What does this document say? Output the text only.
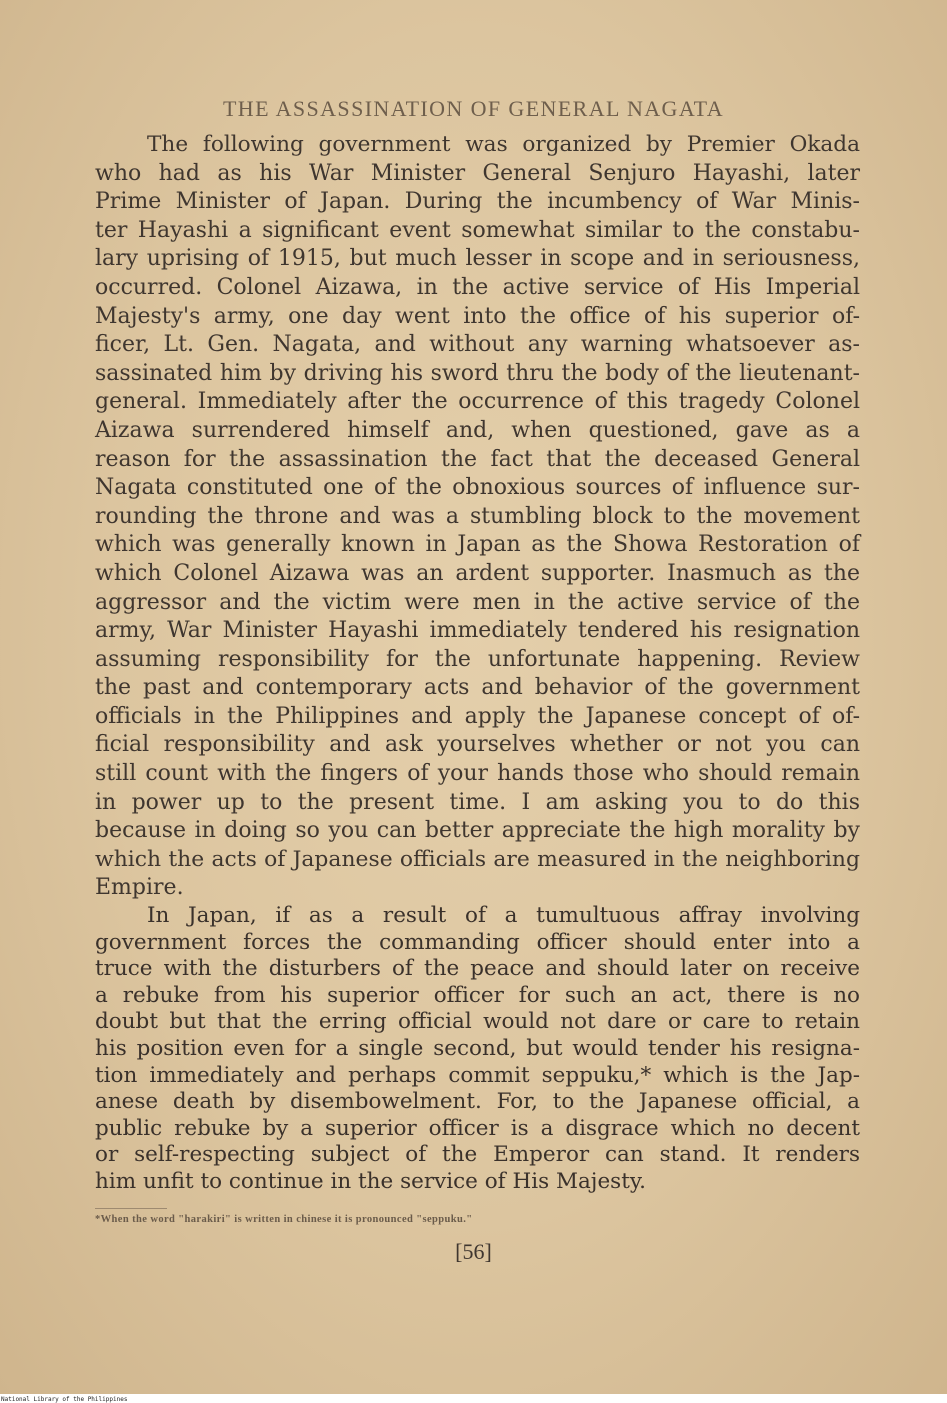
THE ASSASSINATION OF GENERAL NAGATA
The following government was organized by Premier Okada
who had as his War Minister General Senjuro Hayashi, later
Prime Minister of Japan. During the incumbency of War Minis-
ter Hayashi a significant event somewhat similar to the constabu-
lary uprising of 1915, but much lesser in scope and in seriousness,
occurred. Colonel Aizawa, in the active service of His Imperial
Majesty's army, one day went into the office of his superior of-
ficer, Lt. Gen. Nagata, and without any warning whatsoever as-
sassinated him by driving his sword thru the body of the lieutenant-
general. Immediately after the occurrence of this tragedy Colonel
Aizawa surrendered himself and, when questioned, gave as a
reason for the assassination the fact that the deceased General
Nagata constituted one of the obnoxious sources of influence sur-
rounding the throne and was a stumbling block to the movement
which was generally known in Japan as the Showa Restoration of
which Colonel Aizawa was an ardent supporter. Inasmuch as the
aggressor and the victim were men in the active service of the
army, War Minister Hayashi immediately tendered his resignation
assuming responsibility for the unfortunate happening. Review
the past and contemporary acts and behavior of the government
officials in the Philippines and apply the Japanese concept of of-
ficial responsibility and ask yourselves whether or not you can
still count with the fingers of your hands those who should remain
in power up to the present time. I am asking you to do this
because in doing so you can better appreciate the high morality by
which the acts of Japanese officials are measured in the neighboring
Empire.
In Japan, if as a result of a tumultuous affray involving
government forces the commanding officer should enter into a
truce with the disturbers of the peace and should later on receive
a rebuke from his superior officer for such an act, there is no
doubt but that the erring official would not dare or care to retain
his position even for a single second, but would tender his resigna-
tion immediately and perhaps commit seppuku,* which is the Jap-
anese death by disembowelment. For, to the Japanese official, a
public rebuke by a superior officer is a disgrace which no decent
or self-respecting subject of the Emperor can stand. It renders
him unfit to continue in the service of His Majesty.
*When the word "harakiri" is written in chinese it is pronounced "seppuku."
[56]
National Library of the Philippines
